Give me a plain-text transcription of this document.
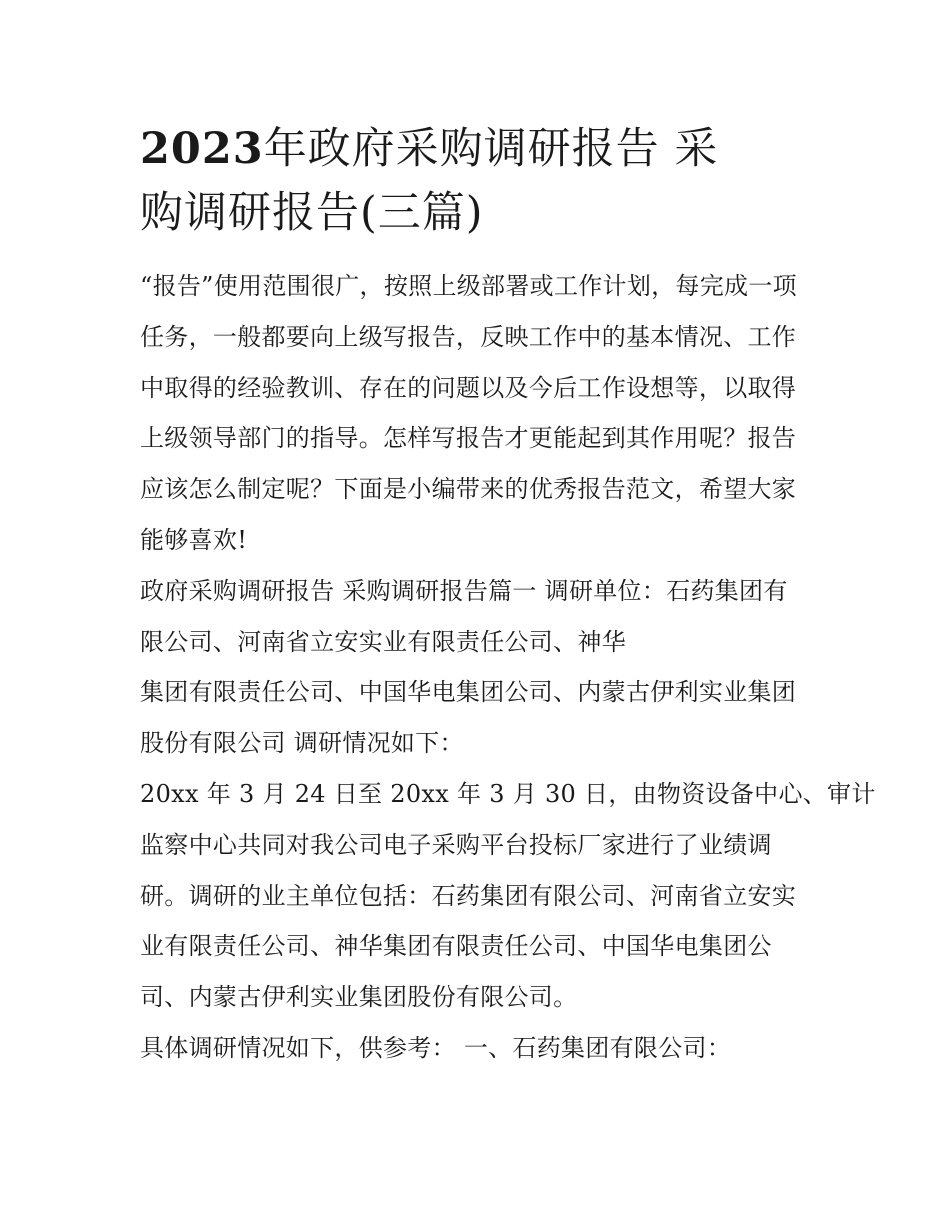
2023年政府采购调研报告 采
购调研报告(三篇)

“报告”使用范围很广，按照上级部署或工作计划，每完成一项
任务，一般都要向上级写报告，反映工作中的基本情况、工作
中取得的经验教训、存在的问题以及今后工作设想等，以取得
上级领导部门的指导。怎样写报告才更能起到其作用呢？报告
应该怎么制定呢？下面是小编带来的优秀报告范文，希望大家
能够喜欢!

政府采购调研报告 采购调研报告篇一 调研单位：石药集团有
限公司、河南省立安实业有限责任公司、神华

集团有限责任公司、中国华电集团公司、内蒙古伊利实业集团
股份有限公司 调研情况如下：

20xx 年 3 月 24 日至 20xx 年 3 月 30 日，由物资设备中心、审计
监察中心共同对我公司电子采购平台投标厂家进行了业绩调
研。调研的业主单位包括：石药集团有限公司、河南省立安实
业有限责任公司、神华集团有限责任公司、中国华电集团公
司、内蒙古伊利实业集团股份有限公司。

具体调研情况如下，供参考： 一、石药集团有限公司：
